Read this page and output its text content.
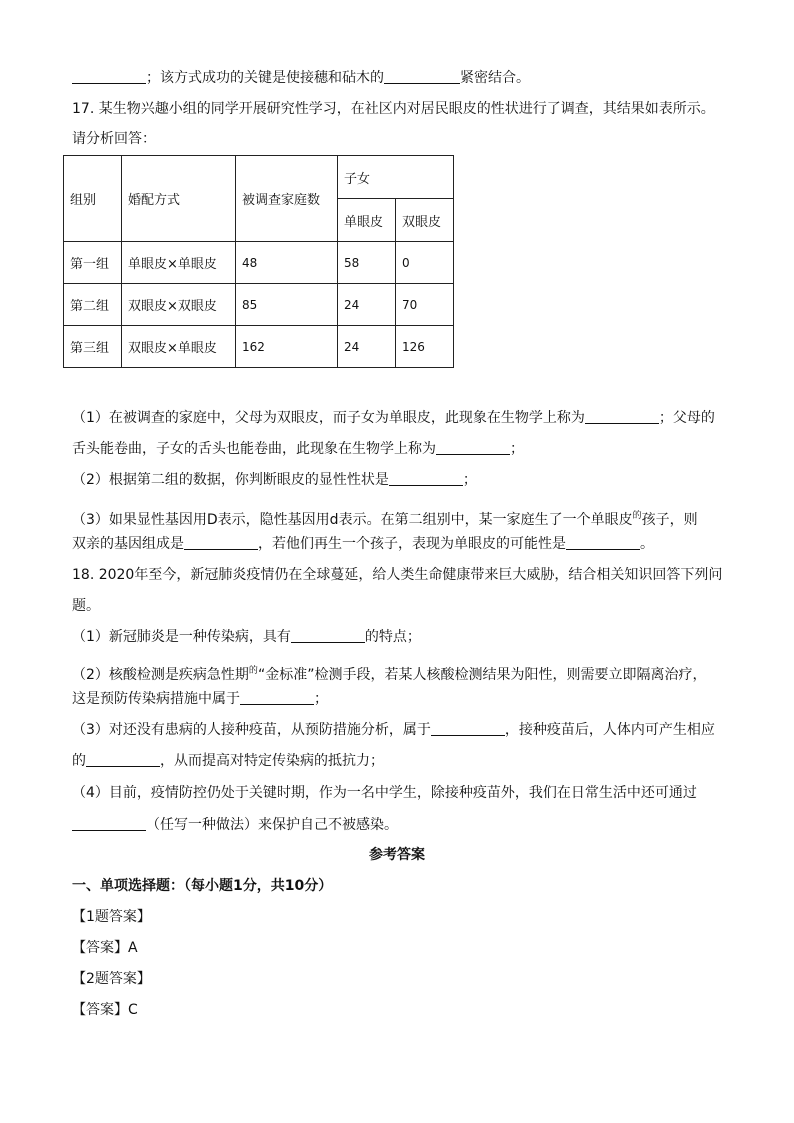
；该方式成功的关键是使接穗和砧木的	紧密结合。
17. 某生物兴趣小组的同学开展研究性学习，在社区内对居民眼皮的性状进行了调查，其结果如表所示。
请分析回答：
组别	婚配方式	被调查家庭数	子女	
			单眼皮	双眼皮
第一组	单眼皮×单眼皮	48	58	0
第二组	双眼皮×双眼皮	85	24	70
第三组	双眼皮×单眼皮	162	24	126
（1）在被调查的家庭中，父母为双眼皮，而子女为单眼皮，此现象在生物学上称为	；父母的
舌头能卷曲，子女的舌头也能卷曲，此现象在生物学上称为	；
（2）根据第二组的数据，你判断眼皮的显性性状是	；
（3）如果显性基因用D表示，隐性基因用d表示。在第二组别中，某一家庭生了一个单眼皮$^的$孩子，则
双亲的基因组成是	，若他们再生一个孩子，表现为单眼皮的可能性是	。
18. 2020年至今，新冠肺炎疫情仍在全球蔓延，给人类生命健康带来巨大威胁，结合相关知识回答下列问
题。
（1）新冠肺炎是一种传染病，具有	的特点；
（2）核酸检测是疾病急性期$^的$“金标准”检测手段，若某人核酸检测结果为阳性，则需要立即隔离治疗，
这是预防传染病措施中属于	；
（3）对还没有患病的人接种疫苗，从预防措施分析，属于	，接种疫苗后，人体内可产生相应
的	，从而提高对特定传染病的抵抗力；
（4）目前，疫情防控仍处于关键时期，作为一名中学生，除接种疫苗外，我们在日常生活中还可通过
（任写一种做法）来保护自己不被感染。
参考答案
一、单项选择题：（每小题1分，共10分）
【1题答案】
【答案】A
【2题答案】
【答案】C
